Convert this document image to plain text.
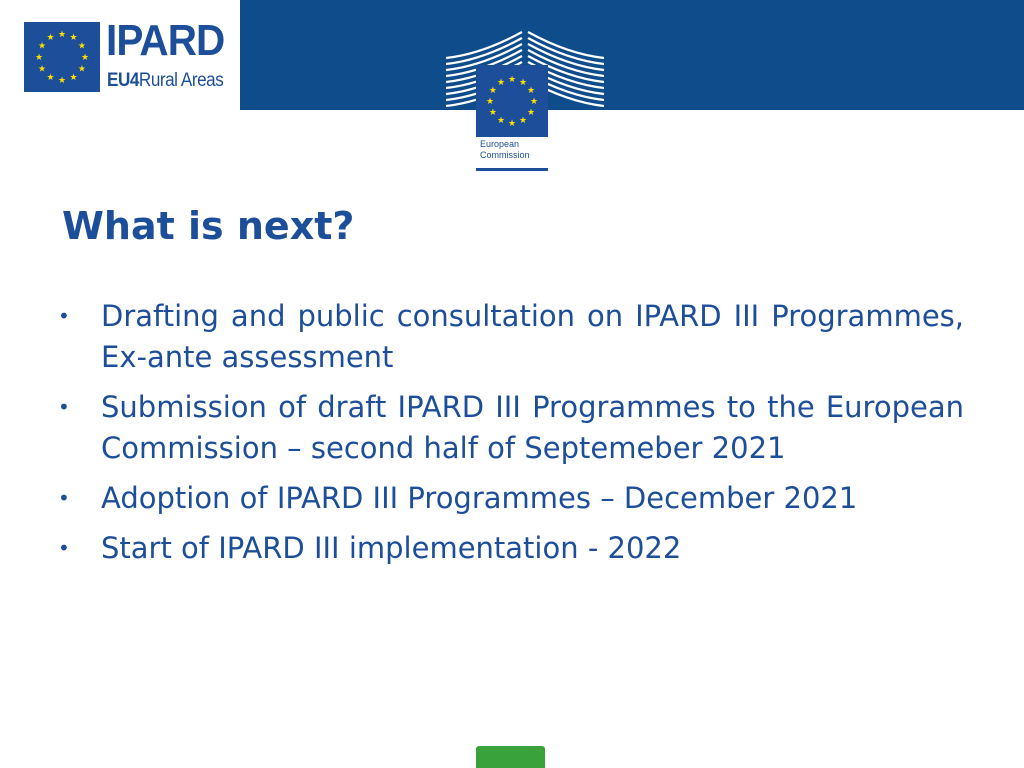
★ ★
★
★
★
★
★
★
★
★
★
★ IPARD
EU4Rural Areas	★ ★
★
★
★
★
★
★
★
★
★
★
European
Commission
What is next?
• Drafting and public consultation on IPARD III Programmes, Ex-ante assessment
• Submission of draft IPARD III Programmes to the European Commission – second half of Septemeber 2021
• Adoption of IPARD III Programmes – December 2021
• Start of IPARD III implementation - 2022
